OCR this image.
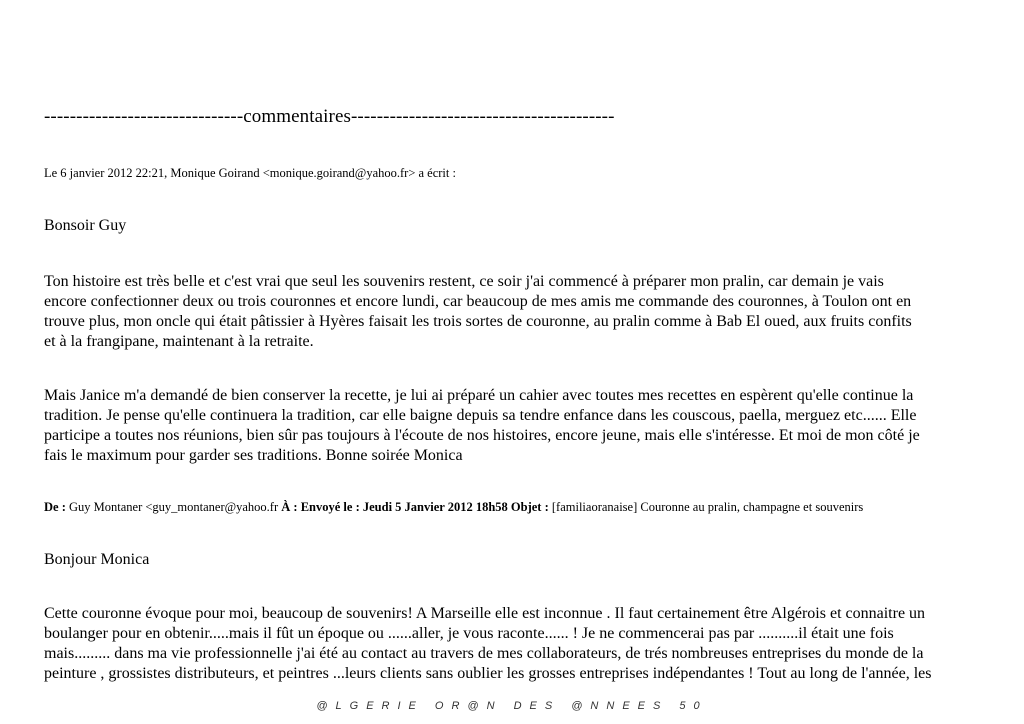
-------------------------------commentaires-----------------------------------------
Le 6 janvier 2012 22:21, Monique Goirand <monique.goirand@yahoo.fr> a écrit :
Bonsoir Guy
Ton histoire est très belle et c'est vrai que seul les souvenirs restent, ce soir j'ai commencé à préparer mon pralin, car demain je vais
encore confectionner deux ou trois couronnes et encore lundi, car beaucoup de mes amis me commande des couronnes, à Toulon ont en
trouve plus, mon oncle qui était pâtissier à Hyères faisait les trois sortes de couronne, au pralin comme à Bab El oued, aux fruits confits
et à la frangipane, maintenant à la retraite.
Mais Janice m'a demandé de bien conserver la recette, je lui ai préparé un cahier avec toutes mes recettes en espèrent qu'elle continue la
tradition. Je pense qu'elle continuera la tradition, car elle baigne depuis sa tendre enfance dans les couscous, paella, merguez etc...... Elle
participe a toutes nos réunions, bien sûr pas toujours à l'écoute de nos histoires, encore jeune, mais elle s'intéresse. Et moi de mon côté je
fais le maximum pour garder ses traditions. Bonne soirée Monica
De : Guy Montaner <guy_montaner@yahoo.fr À : Envoyé le : Jeudi 5 Janvier 2012 18h58 Objet : [familiaoranaise] Couronne au pralin, champagne et souvenirs
Bonjour Monica
Cette couronne évoque pour moi, beaucoup de souvenirs! A Marseille elle est inconnue . Il faut certainement être Algérois et connaitre un
boulanger pour en obtenir.....mais il fût un époque ou ......aller, je vous raconte...... ! Je ne commencerai pas par ..........il était une fois
mais......... dans ma vie professionnelle j'ai été au contact au travers de mes collaborateurs, de trés nombreuses entreprises du monde de la
peinture , grossistes distributeurs, et peintres ...leurs clients sans oublier les grosses entreprises indépendantes ! Tout au long de l'année, les
@LGERIE OR@N DES @NNEES 50
